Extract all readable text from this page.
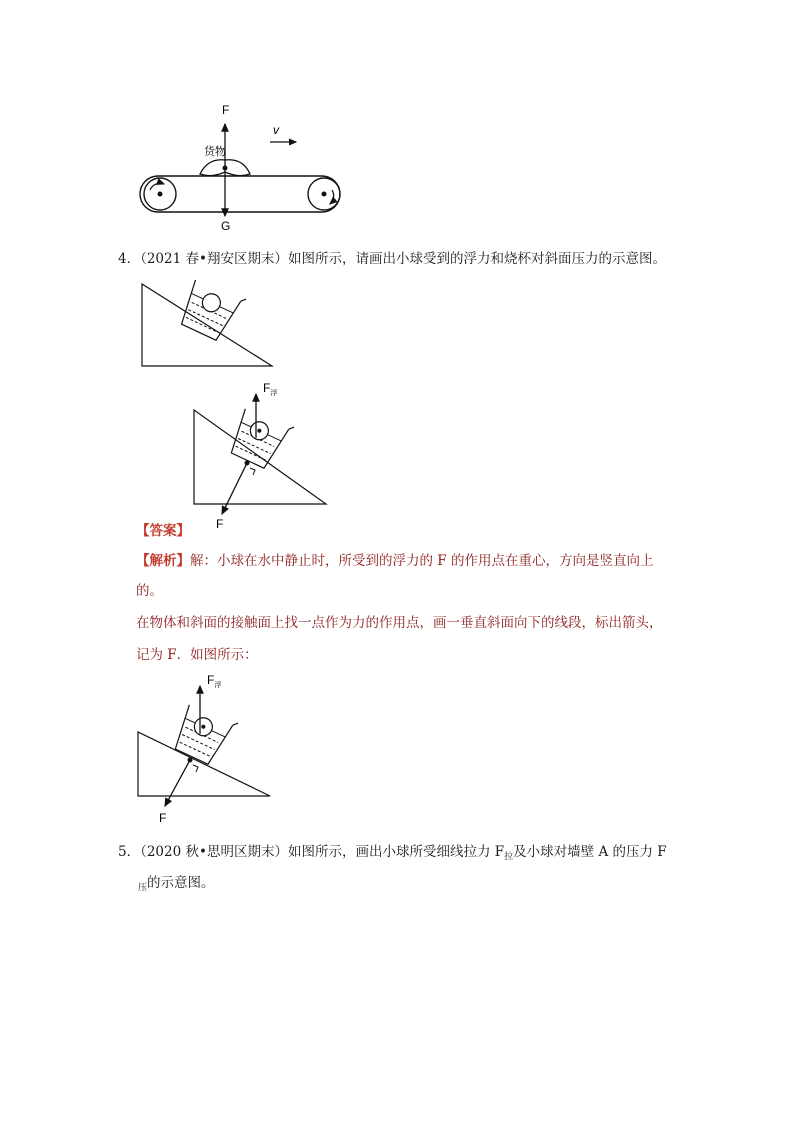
F
v
货物
G
4．（2021 春•翔安区期末）如图所示，请画出小球受到的浮力和烧杯对斜面压力的示意图。
$F_浮$
F
【答案】
【解析】解：小球在水中静止时，所受到的浮力的 F 的作用点在重心，方向是竖直向上
的。
在物体和斜面的接触面上找一点作为力的作用点，画一垂直斜面向下的线段，标出箭头，
记为 F．如图所示：
$F_浮$
F
5．（2020 秋•思明区期末）如图所示，画出小球所受细线拉力 $F_拉$及小球对墙壁 A 的压力 F
$_压$的示意图。
